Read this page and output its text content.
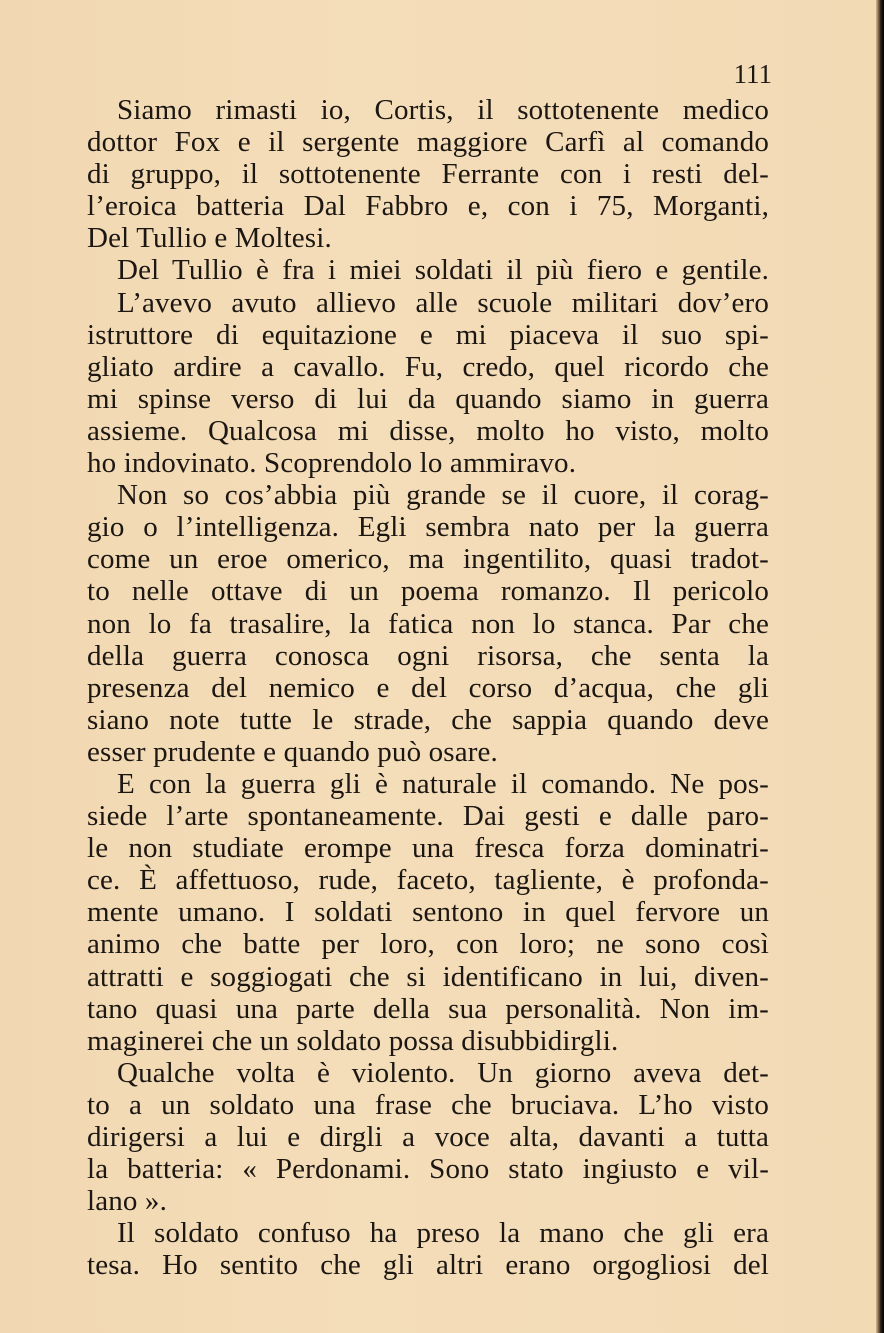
111
Siamo rimasti io, Cortis, il sottotenente medico
dottor Fox e il sergente maggiore Carfì al comando
di gruppo, il sottotenente Ferrante con i resti del-
l’eroica batteria Dal Fabbro e, con i 75, Morganti,
Del Tullio e Moltesi.
Del Tullio è fra i miei soldati il più fiero e gentile.
L’avevo avuto allievo alle scuole militari dov’ero
istruttore di equitazione e mi piaceva il suo spi-
gliato ardire a cavallo. Fu, credo, quel ricordo che
mi spinse verso di lui da quando siamo in guerra
assieme. Qualcosa mi disse, molto ho visto, molto
ho indovinato. Scoprendolo lo ammiravo.
Non so cos’abbia più grande se il cuore, il corag-
gio o l’intelligenza. Egli sembra nato per la guerra
come un eroe omerico, ma ingentilito, quasi tradot-
to nelle ottave di un poema romanzo. Il pericolo
non lo fa trasalire, la fatica non lo stanca. Par che
della guerra conosca ogni risorsa, che senta la
presenza del nemico e del corso d’acqua, che gli
siano note tutte le strade, che sappia quando deve
esser prudente e quando può osare.
E con la guerra gli è naturale il comando. Ne pos-
siede l’arte spontaneamente. Dai gesti e dalle paro-
le non studiate erompe una fresca forza dominatri-
ce. È affettuoso, rude, faceto, tagliente, è profonda-
mente umano. I soldati sentono in quel fervore un
animo che batte per loro, con loro; ne sono così
attratti e soggiogati che si identificano in lui, diven-
tano quasi una parte della sua personalità. Non im-
maginerei che un soldato possa disubbidirgli.
Qualche volta è violento. Un giorno aveva det-
to a un soldato una frase che bruciava. L’ho visto
dirigersi a lui e dirgli a voce alta, davanti a tutta
la batteria: « Perdonami. Sono stato ingiusto e vil-
lano ».
Il soldato confuso ha preso la mano che gli era
tesa. Ho sentito che gli altri erano orgogliosi del
